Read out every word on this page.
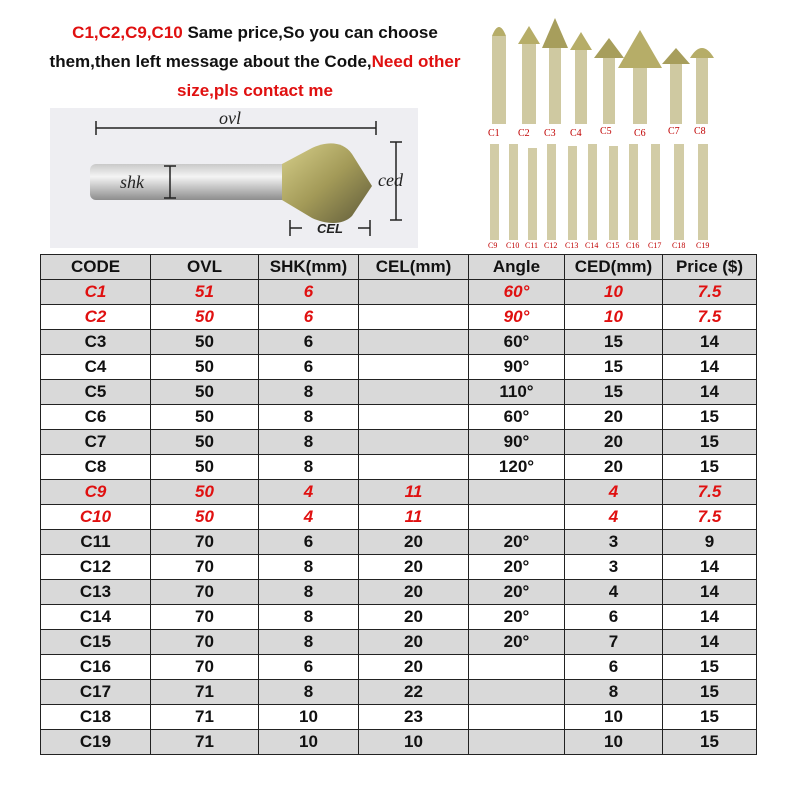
C1,C2,C9,C10 Same price,So you can choose them,then left message about the Code,Need other size,pls contact me
ovl
shk	ced
CEL
C1 C2 C3 C4 C5 C6 C7 C8
C9 C10 C11 C12 C13 C14 C15 C16 C17 C18 C19
CODE	OVL	SHK(mm)	CEL(mm)	Angle	CED(mm)	Price ($)
C1	51	6		60°	10	7.5
C2	50	6		90°	10	7.5
C3	50	6		60°	15	14
C4	50	6		90°	15	14
C5	50	8		110°	15	14
C6	50	8		60°	20	15
C7	50	8		90°	20	15
C8	50	8		120°	20	15
C9	50	4	11		4	7.5
C10	50	4	11		4	7.5
C11	70	6	20	20°	3	9
C12	70	8	20	20°	3	14
C13	70	8	20	20°	4	14
C14	70	8	20	20°	6	14
C15	70	8	20	20°	7	14
C16	70	6	20		6	15
C17	71	8	22		8	15
C18	71	10	23		10	15
C19	71	10	10		10	15
